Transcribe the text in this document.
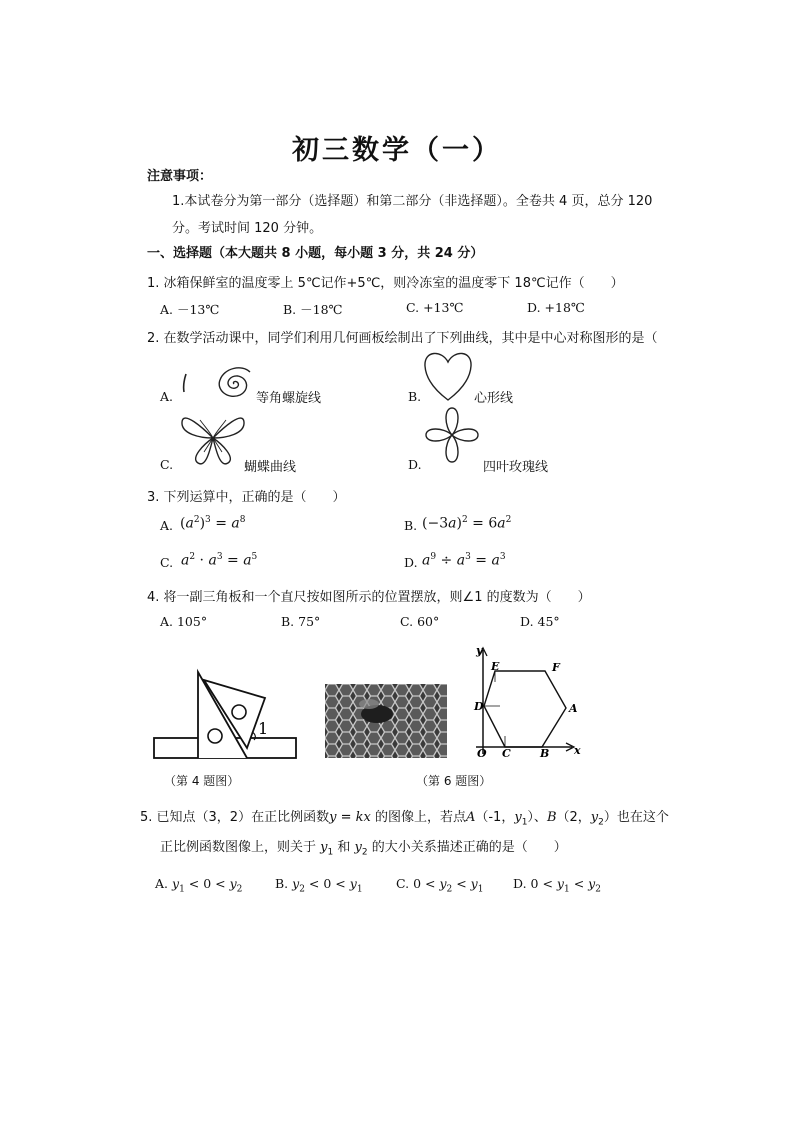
初三数学（一）
注意事项：
1.本试卷分为第一部分（选择题）和第二部分（非选择题）。全卷共 4 页，总分 120
分。考试时间 120 分钟。
一、选择题（本大题共 8 小题，每小题 3 分，共 24 分）
1. 冰箱保鲜室的温度零上 5℃记作+5℃，则冷冻室的温度零下 18℃记作（　　）
A. －13℃	B. －18℃	C. +13℃	D. +18℃
2. 在数学活动课中，同学们利用几何画板绘制出了下列曲线，其中是中心对称图形的是（
A.	等角螺旋线	B.	心形线
C.	蝴蝶曲线	D.	四叶玫瑰线
3. 下列运算中，正确的是（　　）
A. $(a^2)^3 = a^8$	B. $(-3a)^2 = 6a^2$
C. $a^2 \cdot a^3 = a^5$	D. $a^9 \div a^3 = a^3$
4. 将一副三角板和一个直尺按如图所示的位置摆放，则∠1 的度数为（　　）
A. 105°	B. 75°	C. 60°	D. 45°
1
y
x
O
E	F
D	A
C	B
（第 4 题图）	（第 6 题图）
5. 已知点（3，2）在正比例函数y = kx 的图像上，若点A（-1，$y_1$）、B（2，$y_2$）也在这个
正比例函数图像上，则关于 $y_1$ 和 $y_2$ 的大小关系描述正确的是（　　）
A. $y_1 < 0 < y_2$	B. $y_2 < 0 < y_1$	C. $0 < y_2 < y_1$ D. $0 < y_1 < y_2$
